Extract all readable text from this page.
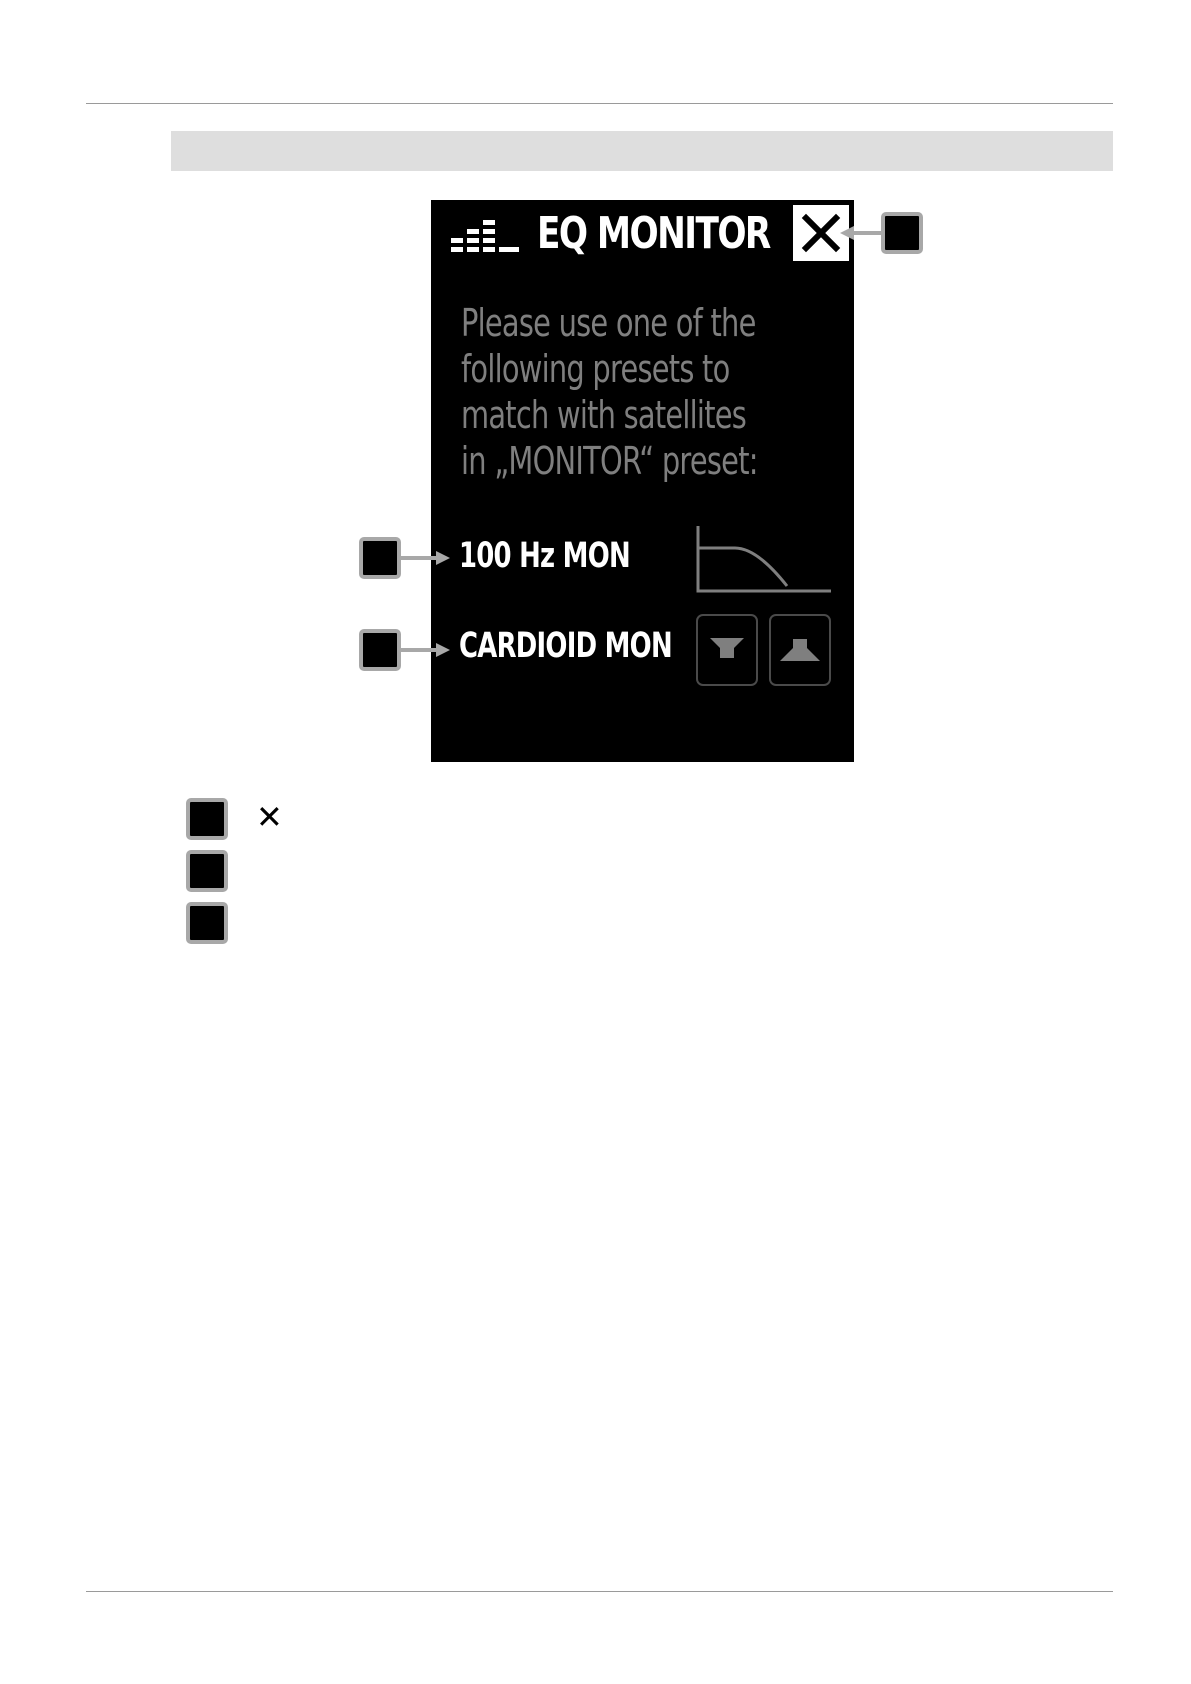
EQ MONITOR
Please use one of the
following presets to
match with satellites
in „MONITOR“ preset:
100 Hz MON
CARDIOID MON
✕
